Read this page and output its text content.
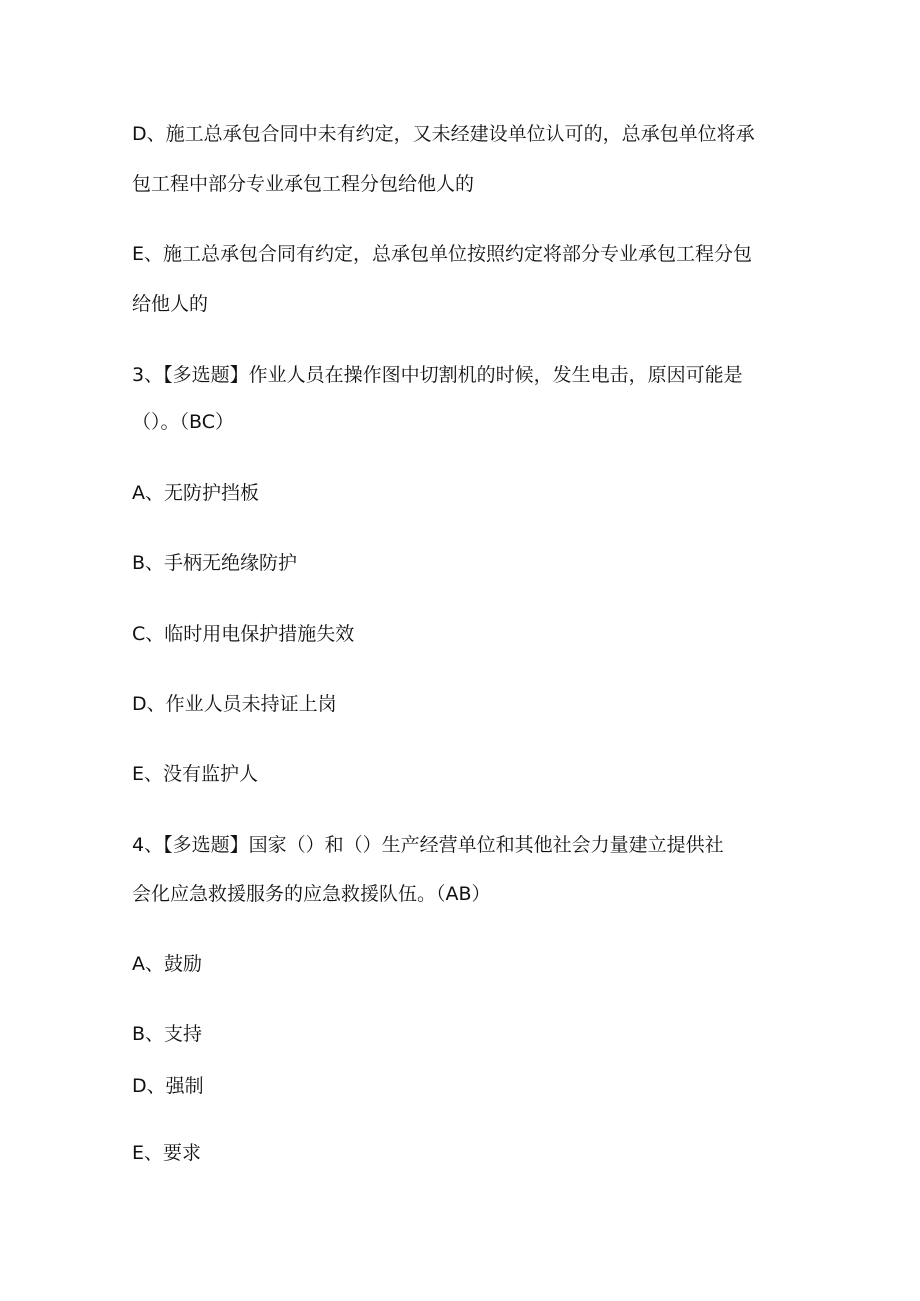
D、施工总承包合同中未有约定，又未经建设单位认可的，总承包单位将承
包工程中部分专业承包工程分包给他人的
E、施工总承包合同有约定，总承包单位按照约定将部分专业承包工程分包
给他人的
3、【多选题】作业人员在操作图中切割机的时候，发生电击，原因可能是
（）。（BC）
A、无防护挡板
B、手柄无绝缘防护
C、临时用电保护措施失效
D、作业人员未持证上岗
E、没有监护人
4、【多选题】国家（）和（）生产经营单位和其他社会力量建立提供社
会化应急救援服务的应急救援队伍。（AB）
A、鼓励
B、支持
D、强制
E、要求
